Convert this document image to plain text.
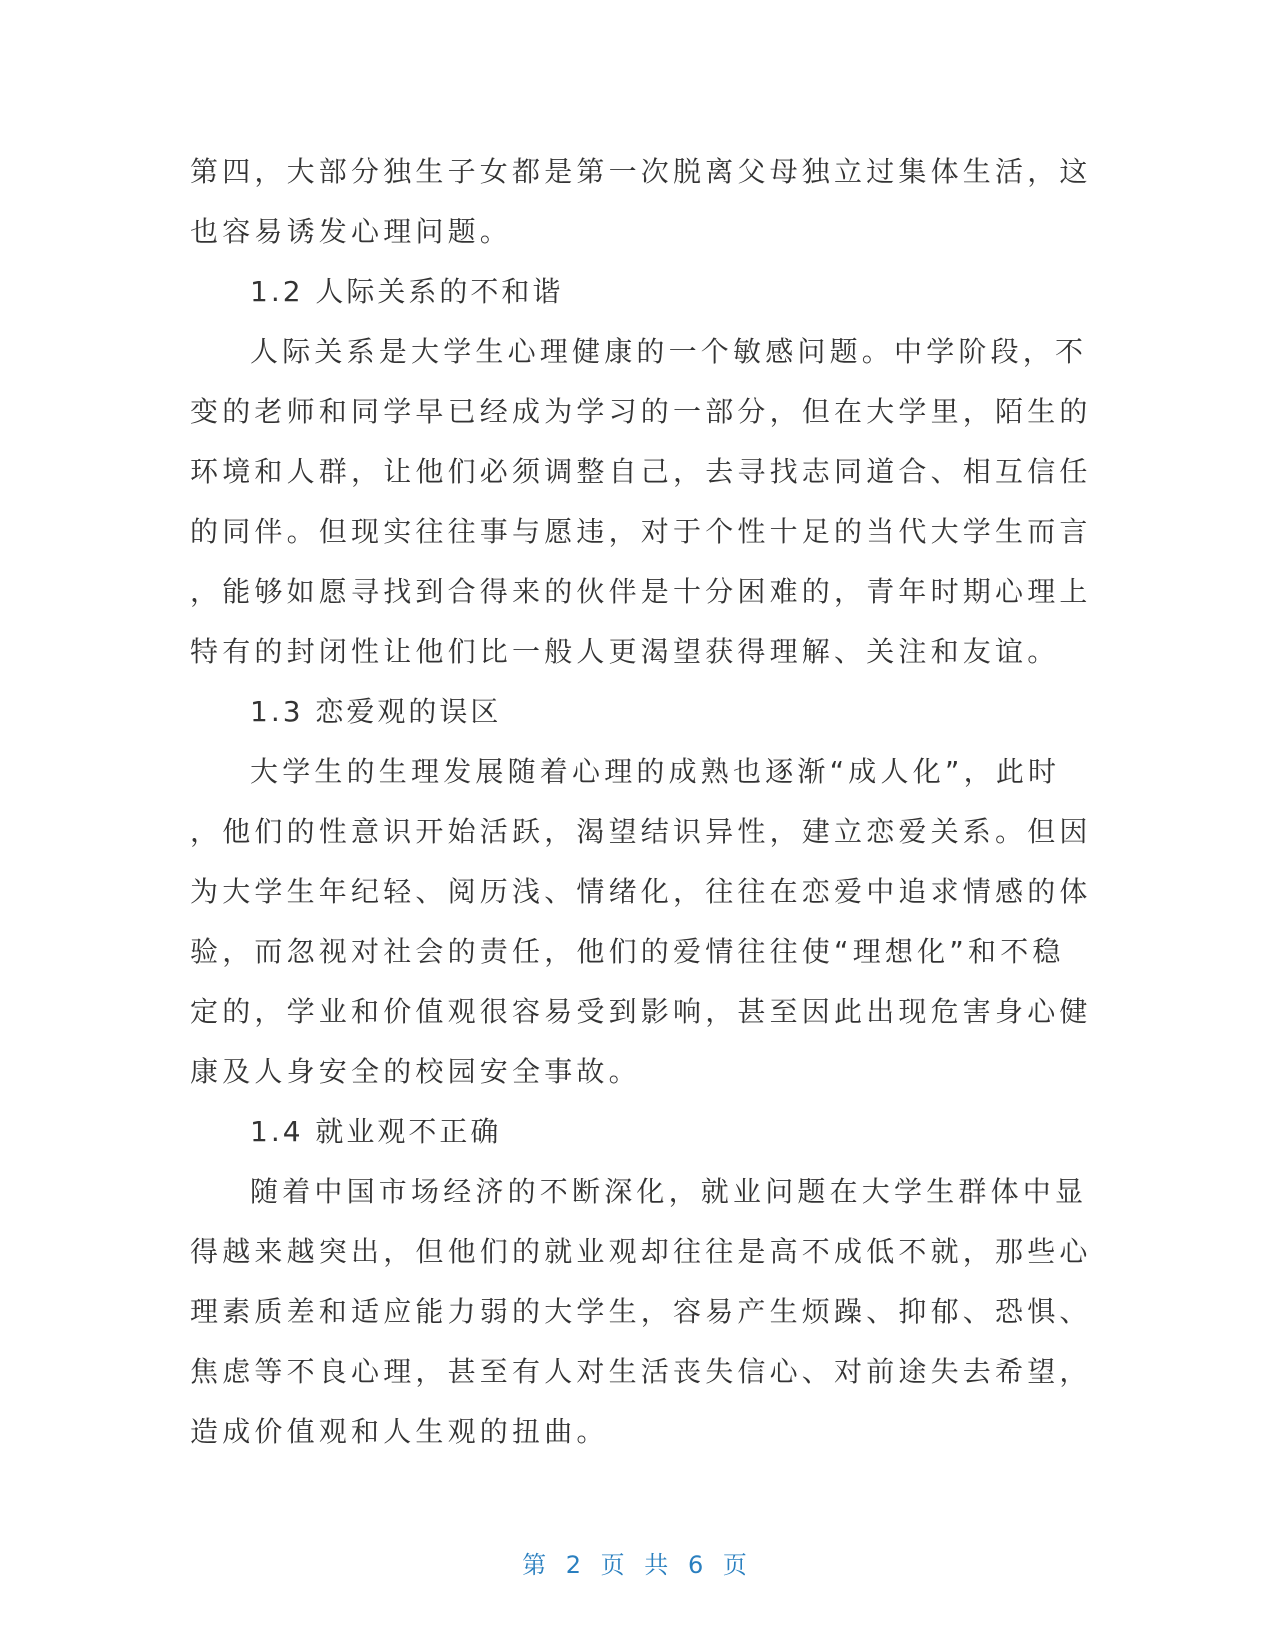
第四，大部分独生子女都是第一次脱离父母独立过集体生活，这

也容易诱发心理问题。

1.2 人际关系的不和谐

人际关系是大学生心理健康的一个敏感问题。中学阶段，不

变的老师和同学早已经成为学习的一部分，但在大学里，陌生的

环境和人群，让他们必须调整自己，去寻找志同道合、相互信任

的同伴。但现实往往事与愿违，对于个性十足的当代大学生而言

，能够如愿寻找到合得来的伙伴是十分困难的，青年时期心理上

特有的封闭性让他们比一般人更渴望获得理解、关注和友谊。

1.3 恋爱观的误区

大学生的生理发展随着心理的成熟也逐渐“成人化”，此时

，他们的性意识开始活跃，渴望结识异性，建立恋爱关系。但因

为大学生年纪轻、阅历浅、情绪化，往往在恋爱中追求情感的体

验，而忽视对社会的责任，他们的爱情往往使“理想化”和不稳

定的，学业和价值观很容易受到影响，甚至因此出现危害身心健

康及人身安全的校园安全事故。

1.4 就业观不正确

随着中国市场经济的不断深化，就业问题在大学生群体中显

得越来越突出，但他们的就业观却往往是高不成低不就，那些心

理素质差和适应能力弱的大学生，容易产生烦躁、抑郁、恐惧、

焦虑等不良心理，甚至有人对生活丧失信心、对前途失去希望，

造成价值观和人生观的扭曲。

第 2 页 共 6 页
